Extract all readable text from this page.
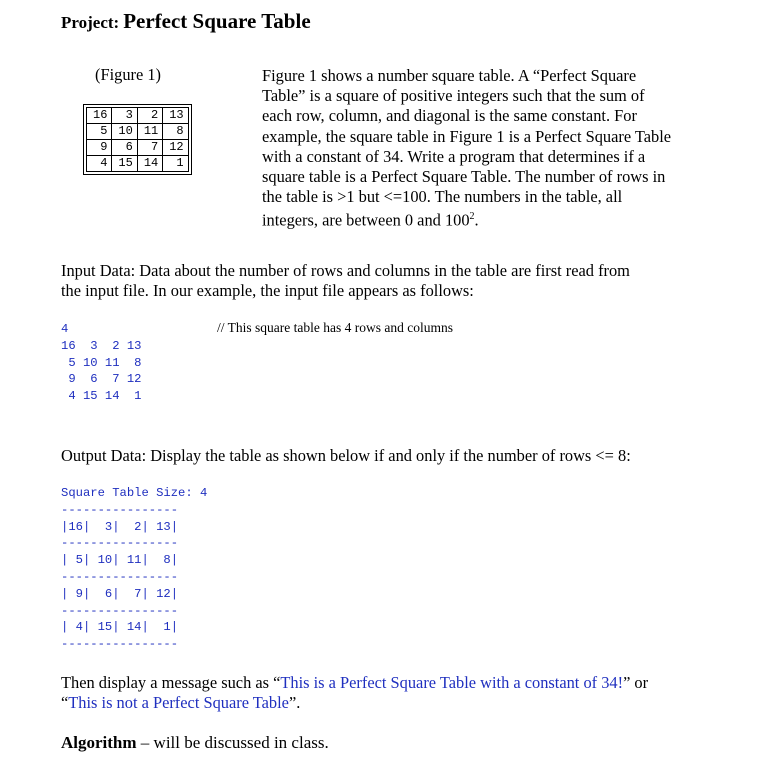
Project: Perfect Square Table
(Figure 1)
16	3	2	13
5	10	11	8
9	6	7	12
4	15	14	1
Figure 1 shows a number square table. A “Perfect Square
Table” is a square of positive integers such that the sum of
each row, column, and diagonal is the same constant. For
example, the square table in Figure 1 is a Perfect Square Table
with a constant of 34. Write a program that determines if a
square table is a Perfect Square Table. The number of rows in
the table is >1 but <=100. The numbers in the table, all
integers, are between 0 and $100^2$.
Input Data: Data about the number of rows and columns in the table are first read from
the input file. In our example, the input file appears as follows:
4
16  3  2 13
5 10 11  8
9  6  7 12
4 15 14  1
// This square table has 4 rows and columns
Output Data: Display the table as shown below if and only if the number of rows <= 8:
Square Table Size: 4
----------------
|16|  3|  2| 13|
----------------
| 5| 10| 11|  8|
----------------
| 9|  6|  7| 12|
----------------
| 4| 15| 14|  1|
----------------
Then display a message such as “This is a Perfect Square Table with a constant of 34!” or
“This is not a Perfect Square Table”.
Algorithm – will be discussed in class.
